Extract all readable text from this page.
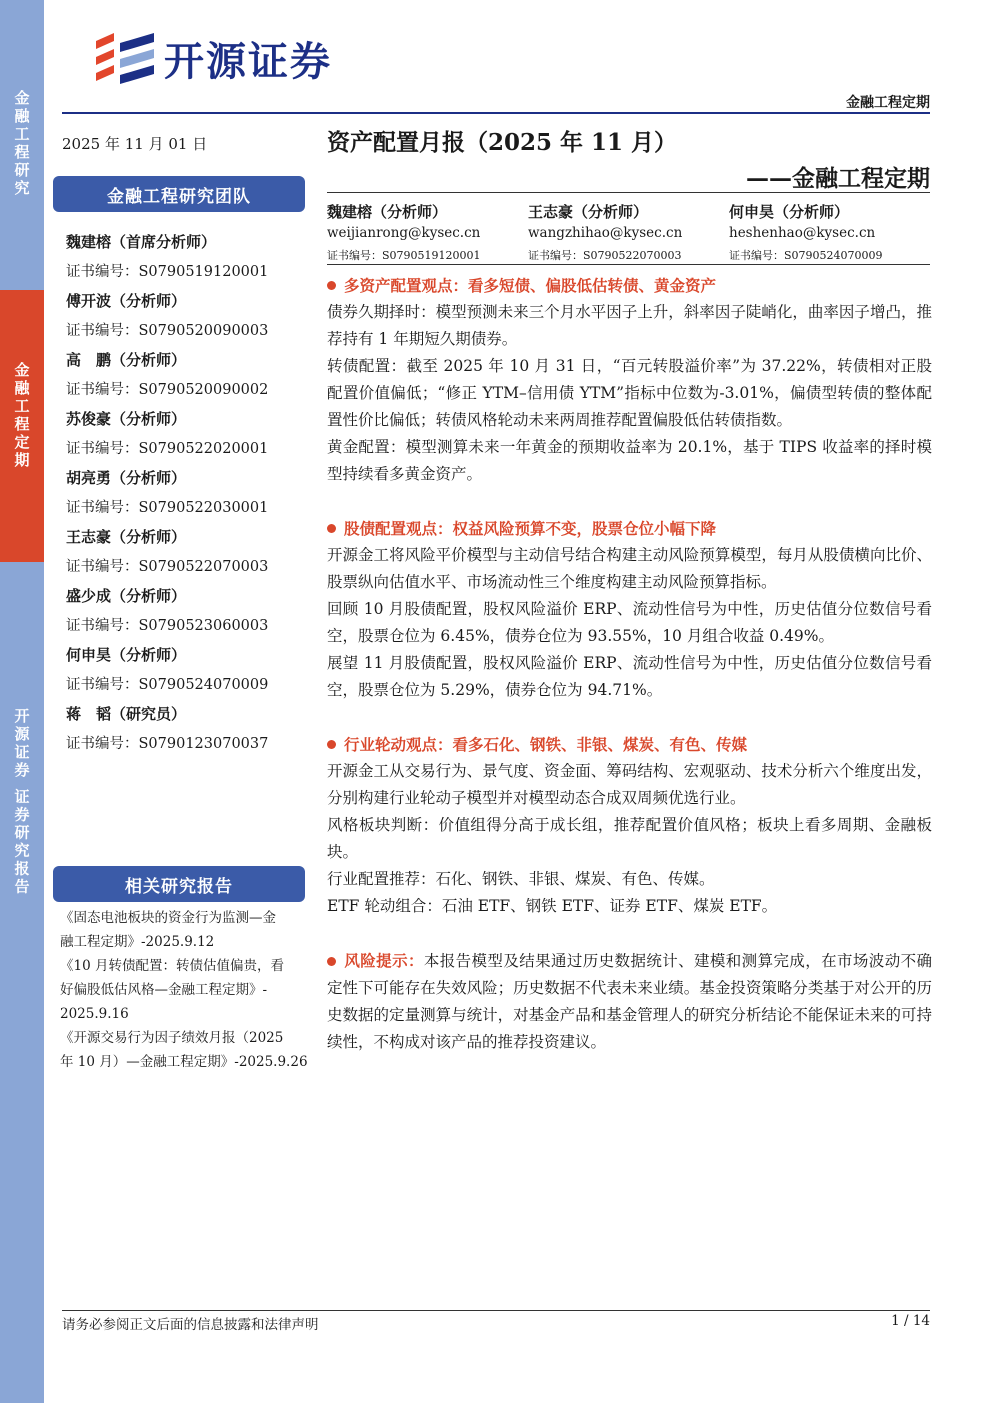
金融工程研究
金融工程定期
开源证券 证券研究报告
开源证券
金融工程定期
2025 年 11 月 01 日
金融工程研究团队
魏建榕（首席分析师）
证书编号：S0790519120001
傅开波（分析师）
证书编号：S0790520090003
高　鹏（分析师）
证书编号：S0790520090002
苏俊豪（分析师）
证书编号：S0790522020001
胡亮勇（分析师）
证书编号：S0790522030001
王志豪（分析师）
证书编号：S0790522070003
盛少成（分析师）
证书编号：S0790523060003
何申昊（分析师）
证书编号：S0790524070009
蒋　韬（研究员）
证书编号：S0790123070037
相关研究报告
《固态电池板块的资金行为监测—金
融工程定期》-2025.9.12
《10 月转债配置：转债估值偏贵，看
好偏股低估风格—金融工程定期》-
2025.9.16
《开源交易行为因子绩效月报（2025
年 10 月）—金融工程定期》-2025.9.26
资产配置月报（2025 年 11 月）
——金融工程定期
魏建榕（分析师）
weijianrong@kysec.cn
证书编号：S0790519120001
王志豪（分析师）
wangzhihao@kysec.cn
证书编号：S0790522070003
何申昊（分析师）
heshenhao@kysec.cn
证书编号：S0790524070009
多资产配置观点：看多短债、偏股低估转债、黄金资产

债券久期择时：模型预测未来三个月水平因子上升，斜率因子陡峭化，曲率因子增凸，推荐持有 1 年期短久期债券。

转债配置：截至 2025 年 10 月 31 日，“百元转股溢价率”为 37.22%，转债相对正股配置价值偏低；“修正 YTM–信用债 YTM”指标中位数为-3.01%，偏债型转债的整体配置性价比偏低；转债风格轮动未来两周推荐配置偏股低估转债指数。

黄金配置：模型测算未来一年黄金的预期收益率为 20.1%，基于 TIPS 收益率的择时模型持续看多黄金资产。

股债配置观点：权益风险预算不变，股票仓位小幅下降

开源金工将风险平价模型与主动信号结合构建主动风险预算模型，每月从股债横向比价、股票纵向估值水平、市场流动性三个维度构建主动风险预算指标。

回顾 10 月股债配置，股权风险溢价 ERP、流动性信号为中性，历史估值分位数信号看空，股票仓位为 6.45%，债券仓位为 93.55%，10 月组合收益 0.49%。

展望 11 月股债配置，股权风险溢价 ERP、流动性信号为中性，历史估值分位数信号看空，股票仓位为 5.29%，债券仓位为 94.71%。

行业轮动观点：看多石化、钢铁、非银、煤炭、有色、传媒

开源金工从交易行为、景气度、资金面、筹码结构、宏观驱动、技术分析六个维度出发，分别构建行业轮动子模型并对模型动态合成双周频优选行业。

风格板块判断：价值组得分高于成长组，推荐配置价值风格；板块上看多周期、金融板块。

行业配置推荐：石化、钢铁、非银、煤炭、有色、传媒。

ETF 轮动组合：石油 ETF、钢铁 ETF、证券 ETF、煤炭 ETF。

风险提示：本报告模型及结果通过历史数据统计、建模和测算完成，在市场波动不确定性下可能存在失效风险；历史数据不代表未来业绩。基金投资策略分类基于对公开的历史数据的定量测算与统计，对基金产品和基金管理人的研究分析结论不能保证未来的可持续性，不构成对该产品的推荐投资建议。

请务必参阅正文后面的信息披露和法律声明	1 / 14
